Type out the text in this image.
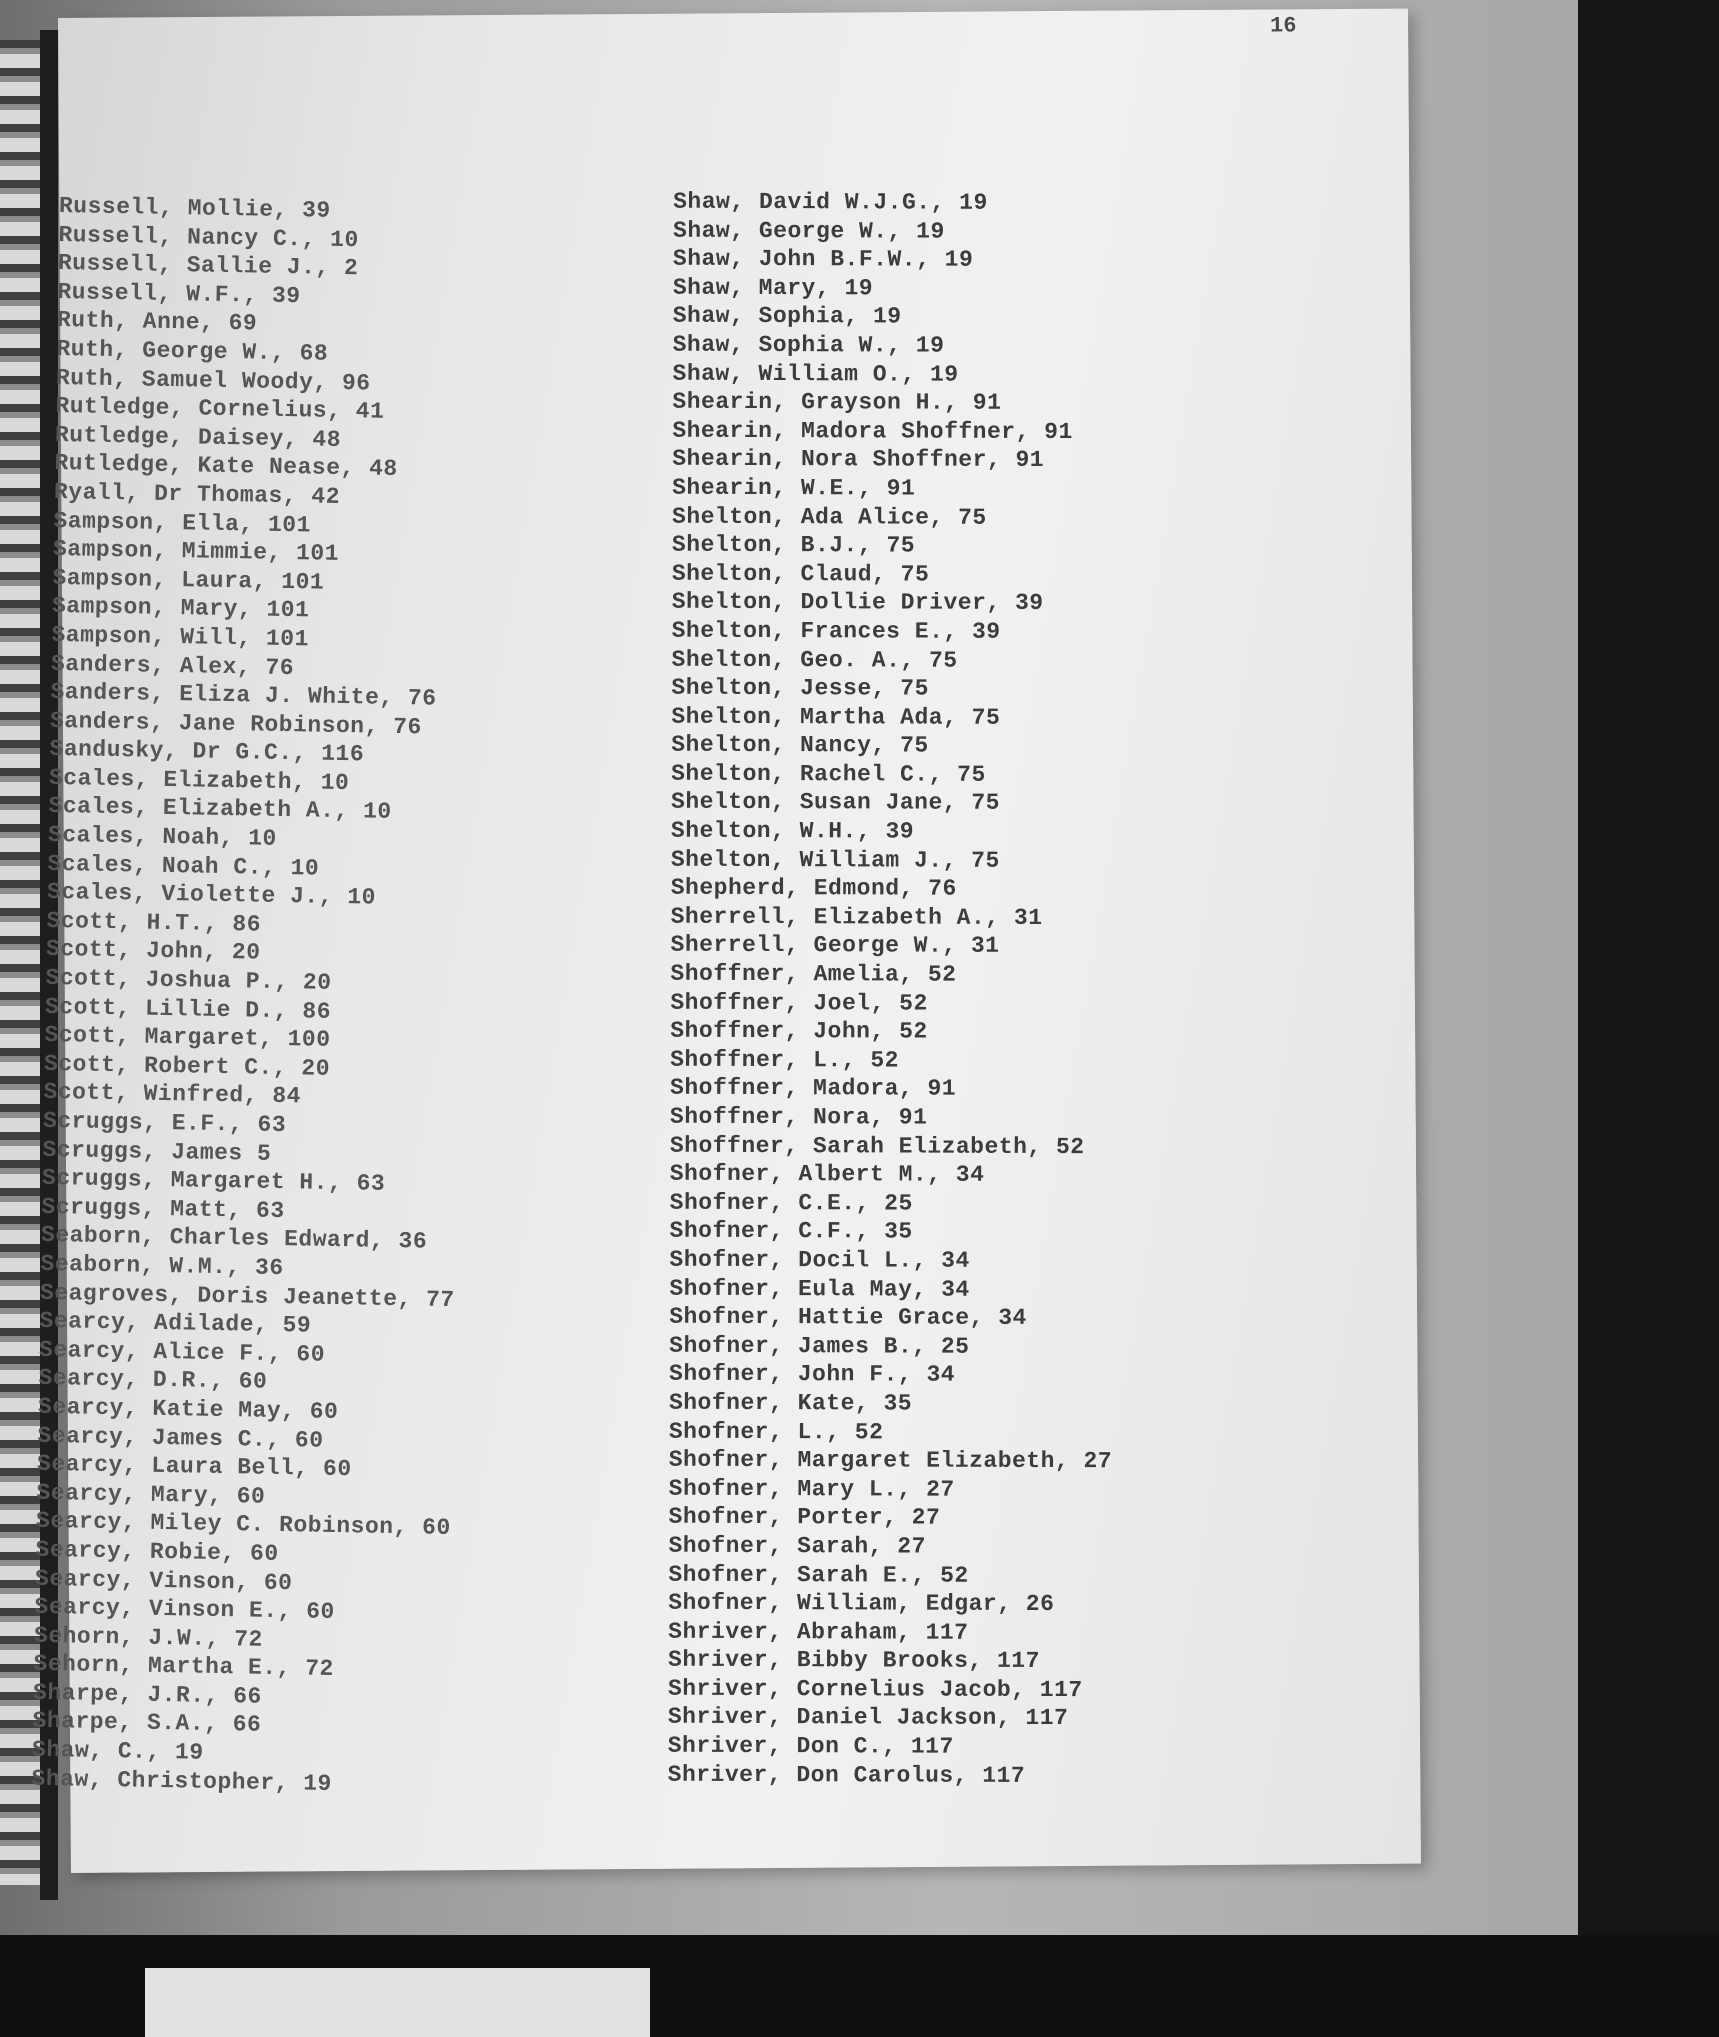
16
Russell, Mollie, 39
Russell, Nancy C., 10
Russell, Sallie J., 2
Russell, W.F., 39
Ruth, Anne, 69
Ruth, George W., 68
Ruth, Samuel Woody, 96
Rutledge, Cornelius, 41
Rutledge, Daisey, 48
Rutledge, Kate Nease, 48
Ryall, Dr Thomas, 42
Sampson, Ella, 101
Sampson, Mimmie, 101
Sampson, Laura, 101
Sampson, Mary, 101
Sampson, Will, 101
Sanders, Alex, 76
Sanders, Eliza J. White, 76
Sanders, Jane Robinson, 76
Sandusky, Dr G.C., 116
Scales, Elizabeth, 10
Scales, Elizabeth A., 10
Scales, Noah, 10
Scales, Noah C., 10
Scales, Violette J., 10
Scott, H.T., 86
Scott, John, 20
Scott, Joshua P., 20
Scott, Lillie D., 86
Scott, Margaret, 100
Scott, Robert C., 20
Scott, Winfred, 84
Scruggs, E.F., 63
Scruggs, James 5
Scruggs, Margaret H., 63
Scruggs, Matt, 63
Seaborn, Charles Edward, 36
Seaborn, W.M., 36
Seagroves, Doris Jeanette, 77
Searcy, Adilade, 59
Searcy, Alice F., 60
Searcy, D.R., 60
Searcy, Katie May, 60
Searcy, James C., 60
Searcy, Laura Bell, 60
Searcy, Mary, 60
Searcy, Miley C. Robinson, 60
Searcy, Robie, 60
Searcy, Vinson, 60
Searcy, Vinson E., 60
Sehorn, J.W., 72
Sehorn, Martha E., 72
Sharpe, J.R., 66
Sharpe, S.A., 66
Shaw, C., 19
Shaw, Christopher, 19
Shaw, David W.J.G., 19
Shaw, George W., 19
Shaw, John B.F.W., 19
Shaw, Mary, 19
Shaw, Sophia, 19
Shaw, Sophia W., 19
Shaw, William O., 19
Shearin, Grayson H., 91
Shearin, Madora Shoffner, 91
Shearin, Nora Shoffner, 91
Shearin, W.E., 91
Shelton, Ada Alice, 75
Shelton, B.J., 75
Shelton, Claud, 75
Shelton, Dollie Driver, 39
Shelton, Frances E., 39
Shelton, Geo. A., 75
Shelton, Jesse, 75
Shelton, Martha Ada, 75
Shelton, Nancy, 75
Shelton, Rachel C., 75
Shelton, Susan Jane, 75
Shelton, W.H., 39
Shelton, William J., 75
Shepherd, Edmond, 76
Sherrell, Elizabeth A., 31
Sherrell, George W., 31
Shoffner, Amelia, 52
Shoffner, Joel, 52
Shoffner, John, 52
Shoffner, L., 52
Shoffner, Madora, 91
Shoffner, Nora, 91
Shoffner, Sarah Elizabeth, 52
Shofner, Albert M., 34
Shofner, C.E., 25
Shofner, C.F., 35
Shofner, Docil L., 34
Shofner, Eula May, 34
Shofner, Hattie Grace, 34
Shofner, James B., 25
Shofner, John F., 34
Shofner, Kate, 35
Shofner, L., 52
Shofner, Margaret Elizabeth, 27
Shofner, Mary L., 27
Shofner, Porter, 27
Shofner, Sarah, 27
Shofner, Sarah E., 52
Shofner, William, Edgar, 26
Shriver, Abraham, 117
Shriver, Bibby Brooks, 117
Shriver, Cornelius Jacob, 117
Shriver, Daniel Jackson, 117
Shriver, Don C., 117
Shriver, Don Carolus, 117
